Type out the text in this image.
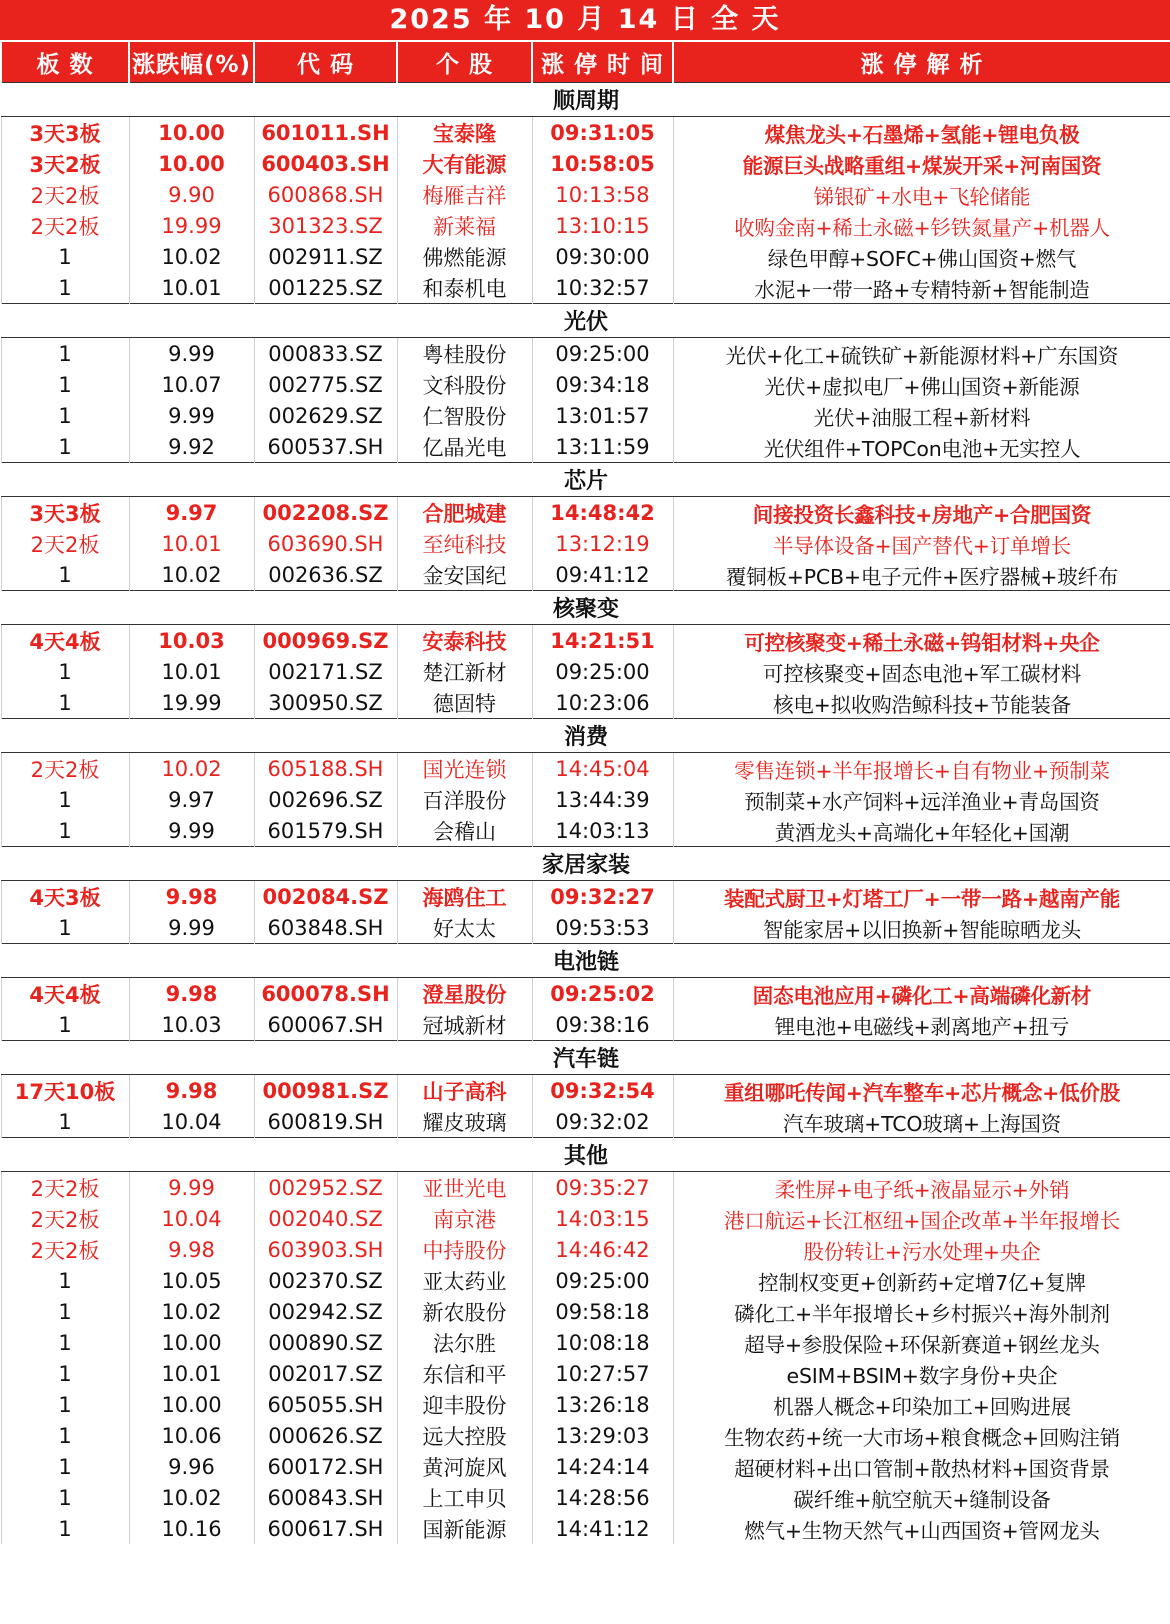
2025 年 10 月 14 日 全 天
板 数	涨跌幅(%)	代 码	个 股	涨 停 时 间	涨 停 解 析
顺周期					
3天3板	10.00	601011.SH	宝泰隆	09:31:05	煤焦龙头+石墨烯+氢能+锂电负极
3天2板	10.00	600403.SH	大有能源	10:58:05	能源巨头战略重组+煤炭开采+河南国资
2天2板	9.90	600868.SH	梅雁吉祥	10:13:58	锑银矿+水电+飞轮储能
2天2板	19.99	301323.SZ	新莱福	13:10:15	收购金南+稀土永磁+钐铁氮量产+机器人
1	10.02	002911.SZ	佛燃能源	09:30:00	绿色甲醇+SOFC+佛山国资+燃气
1	10.01	001225.SZ	和泰机电	10:32:57	水泥+一带一路+专精特新+智能制造
光伏					
1	9.99	000833.SZ	粤桂股份	09:25:00	光伏+化工+硫铁矿+新能源材料+广东国资
1	10.07	002775.SZ	文科股份	09:34:18	光伏+虚拟电厂+佛山国资+新能源
1	9.99	002629.SZ	仁智股份	13:01:57	光伏+油服工程+新材料
1	9.92	600537.SH	亿晶光电	13:11:59	光伏组件+TOPCon电池+无实控人
芯片					
3天3板	9.97	002208.SZ	合肥城建	14:48:42	间接投资长鑫科技+房地产+合肥国资
2天2板	10.01	603690.SH	至纯科技	13:12:19	半导体设备+国产替代+订单增长
1	10.02	002636.SZ	金安国纪	09:41:12	覆铜板+PCB+电子元件+医疗器械+玻纤布
核聚变					
4天4板	10.03	000969.SZ	安泰科技	14:21:51	可控核聚变+稀土永磁+钨钼材料+央企
1	10.01	002171.SZ	楚江新材	09:25:00	可控核聚变+固态电池+军工碳材料
1	19.99	300950.SZ	德固特	10:23:06	核电+拟收购浩鲸科技+节能装备
消费					
2天2板	10.02	605188.SH	国光连锁	14:45:04	零售连锁+半年报增长+自有物业+预制菜
1	9.97	002696.SZ	百洋股份	13:44:39	预制菜+水产饲料+远洋渔业+青岛国资
1	9.99	601579.SH	会稽山	14:03:13	黄酒龙头+高端化+年轻化+国潮
家居家装					
4天3板	9.98	002084.SZ	海鸥住工	09:32:27	装配式厨卫+灯塔工厂+一带一路+越南产能
1	9.99	603848.SH	好太太	09:53:53	智能家居+以旧换新+智能晾晒龙头
电池链					
4天4板	9.98	600078.SH	澄星股份	09:25:02	固态电池应用+磷化工+高端磷化新材
1	10.03	600067.SH	冠城新材	09:38:16	锂电池+电磁线+剥离地产+扭亏
汽车链					
17天10板	9.98	000981.SZ	山子高科	09:32:54	重组哪吒传闻+汽车整车+芯片概念+低价股
1	10.04	600819.SH	耀皮玻璃	09:32:02	汽车玻璃+TCO玻璃+上海国资
其他					
2天2板	9.99	002952.SZ	亚世光电	09:35:27	柔性屏+电子纸+液晶显示+外销
2天2板	10.04	002040.SZ	南京港	14:03:15	港口航运+长江枢纽+国企改革+半年报增长
2天2板	9.98	603903.SH	中持股份	14:46:42	股份转让+污水处理+央企
1	10.05	002370.SZ	亚太药业	09:25:00	控制权变更+创新药+定增7亿+复牌
1	10.02	002942.SZ	新农股份	09:58:18	磷化工+半年报增长+乡村振兴+海外制剂
1	10.00	000890.SZ	法尔胜	10:08:18	超导+参股保险+环保新赛道+钢丝龙头
1	10.01	002017.SZ	东信和平	10:27:57	eSIM+BSIM+数字身份+央企
1	10.00	605055.SH	迎丰股份	13:26:18	机器人概念+印染加工+回购进展
1	10.06	000626.SZ	远大控股	13:29:03	生物农药+统一大市场+粮食概念+回购注销
1	9.96	600172.SH	黄河旋风	14:24:14	超硬材料+出口管制+散热材料+国资背景
1	10.02	600843.SH	上工申贝	14:28:56	碳纤维+航空航天+缝制设备
1	10.16	600617.SH	国新能源	14:41:12	燃气+生物天然气+山西国资+管网龙头
